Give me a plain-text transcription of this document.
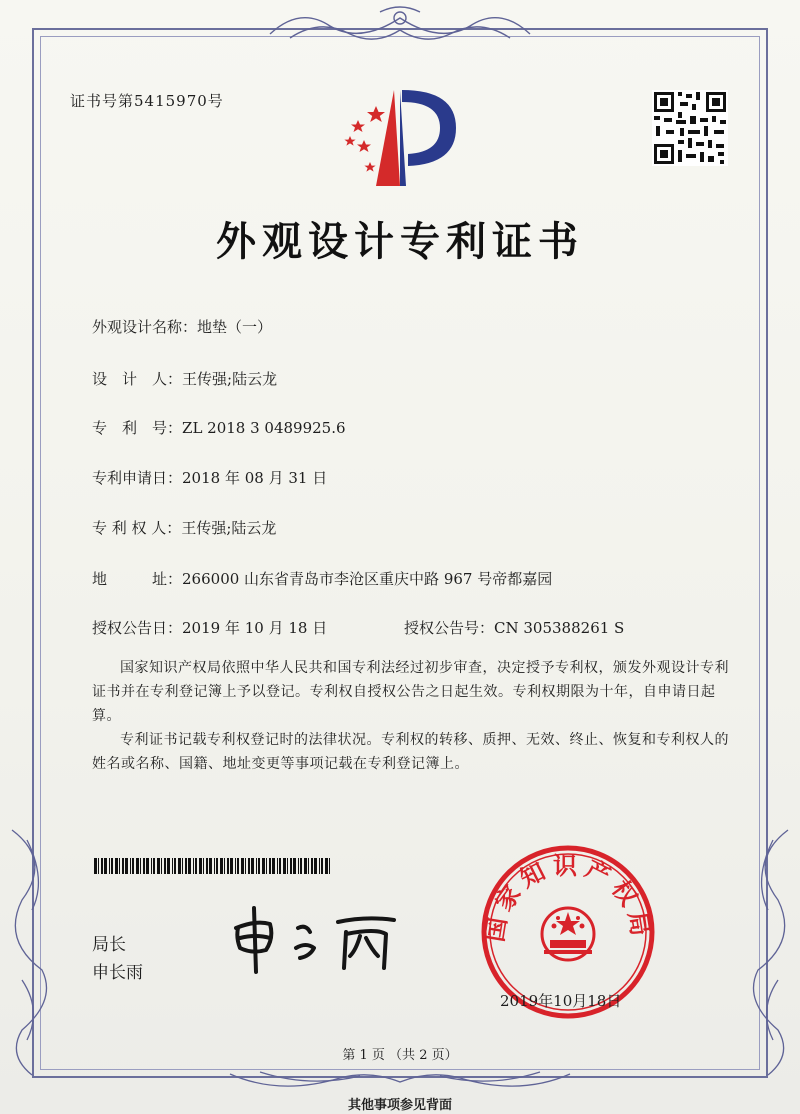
证书号第5415970号
外观设计专利证书
外观设计名称：地垫（一）
设　计　人：王传强;陆云龙
专　利　号：ZL 2018 3 0489925.6
专利申请日：2018 年 08 月 31 日
专 利 权 人：王传强;陆云龙
地　　　址：266000 山东省青岛市李沧区重庆中路 967 号帝都嘉园
授权公告日：2019 年 10 月 18 日	授权公告号：CN 305388261 S
国家知识产权局依照中华人民共和国专利法经过初步审查，决定授予专利权，颁发外观设计专利证书并在专利登记簿上予以登记。专利权自授权公告之日起生效。专利权期限为十年，自申请日起算。
专利证书记载专利权登记时的法律状况。专利权的转移、质押、无效、终止、恢复和专利权人的姓名或名称、国籍、地址变更等事项记载在专利登记簿上。
局长
申长雨
国家知识产权局
2019年10月18日
第 1 页 （共 2 页）
其他事项参见背面
